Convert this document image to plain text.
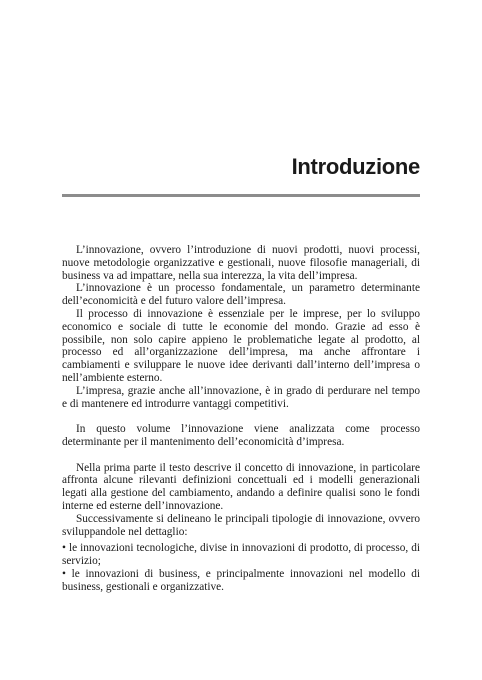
Introduzione

L’innovazione, ovvero l’introduzione di nuovi prodotti, nuovi processi, nuove metodologie organizzative e gestionali, nuove filosofie manageriali, di business va ad impattare, nella sua interezza, la vita dell’impresa.

L’innovazione è un processo fondamentale, un parametro determinante dell’economicità e del futuro valore dell’impresa.

Il processo di innovazione è essenziale per le imprese, per lo sviluppo economico e sociale di tutte le economie del mondo. Grazie ad esso è possibile, non solo capire appieno le problematiche legate al prodotto, al processo ed all’organizzazione dell’impresa, ma anche affrontare i cambiamenti e sviluppare le nuove idee derivanti dall’interno dell’impresa o nell’ambiente esterno.

L’impresa, grazie anche all’innovazione, è in grado di perdurare nel tempo e di mantenere ed introdurre vantaggi competitivi.

In questo volume l’innovazione viene analizzata come processo determinante per il mantenimento dell’economicità d’impresa.

Nella prima parte il testo descrive il concetto di innovazione, in particolare affronta alcune rilevanti definizioni concettuali ed i modelli generazionali legati alla gestione del cambiamento, andando a definire qualisi sono le fondi interne ed esterne dell’innovazione.

Successivamente si delineano le principali tipologie di innovazione, ovvero sviluppandole nel dettaglio:

• le innovazioni tecnologiche, divise in innovazioni di prodotto, di processo, di servizio;

• le innovazioni di business, e principalmente innovazioni nel modello di business, gestionali e organizzative.
